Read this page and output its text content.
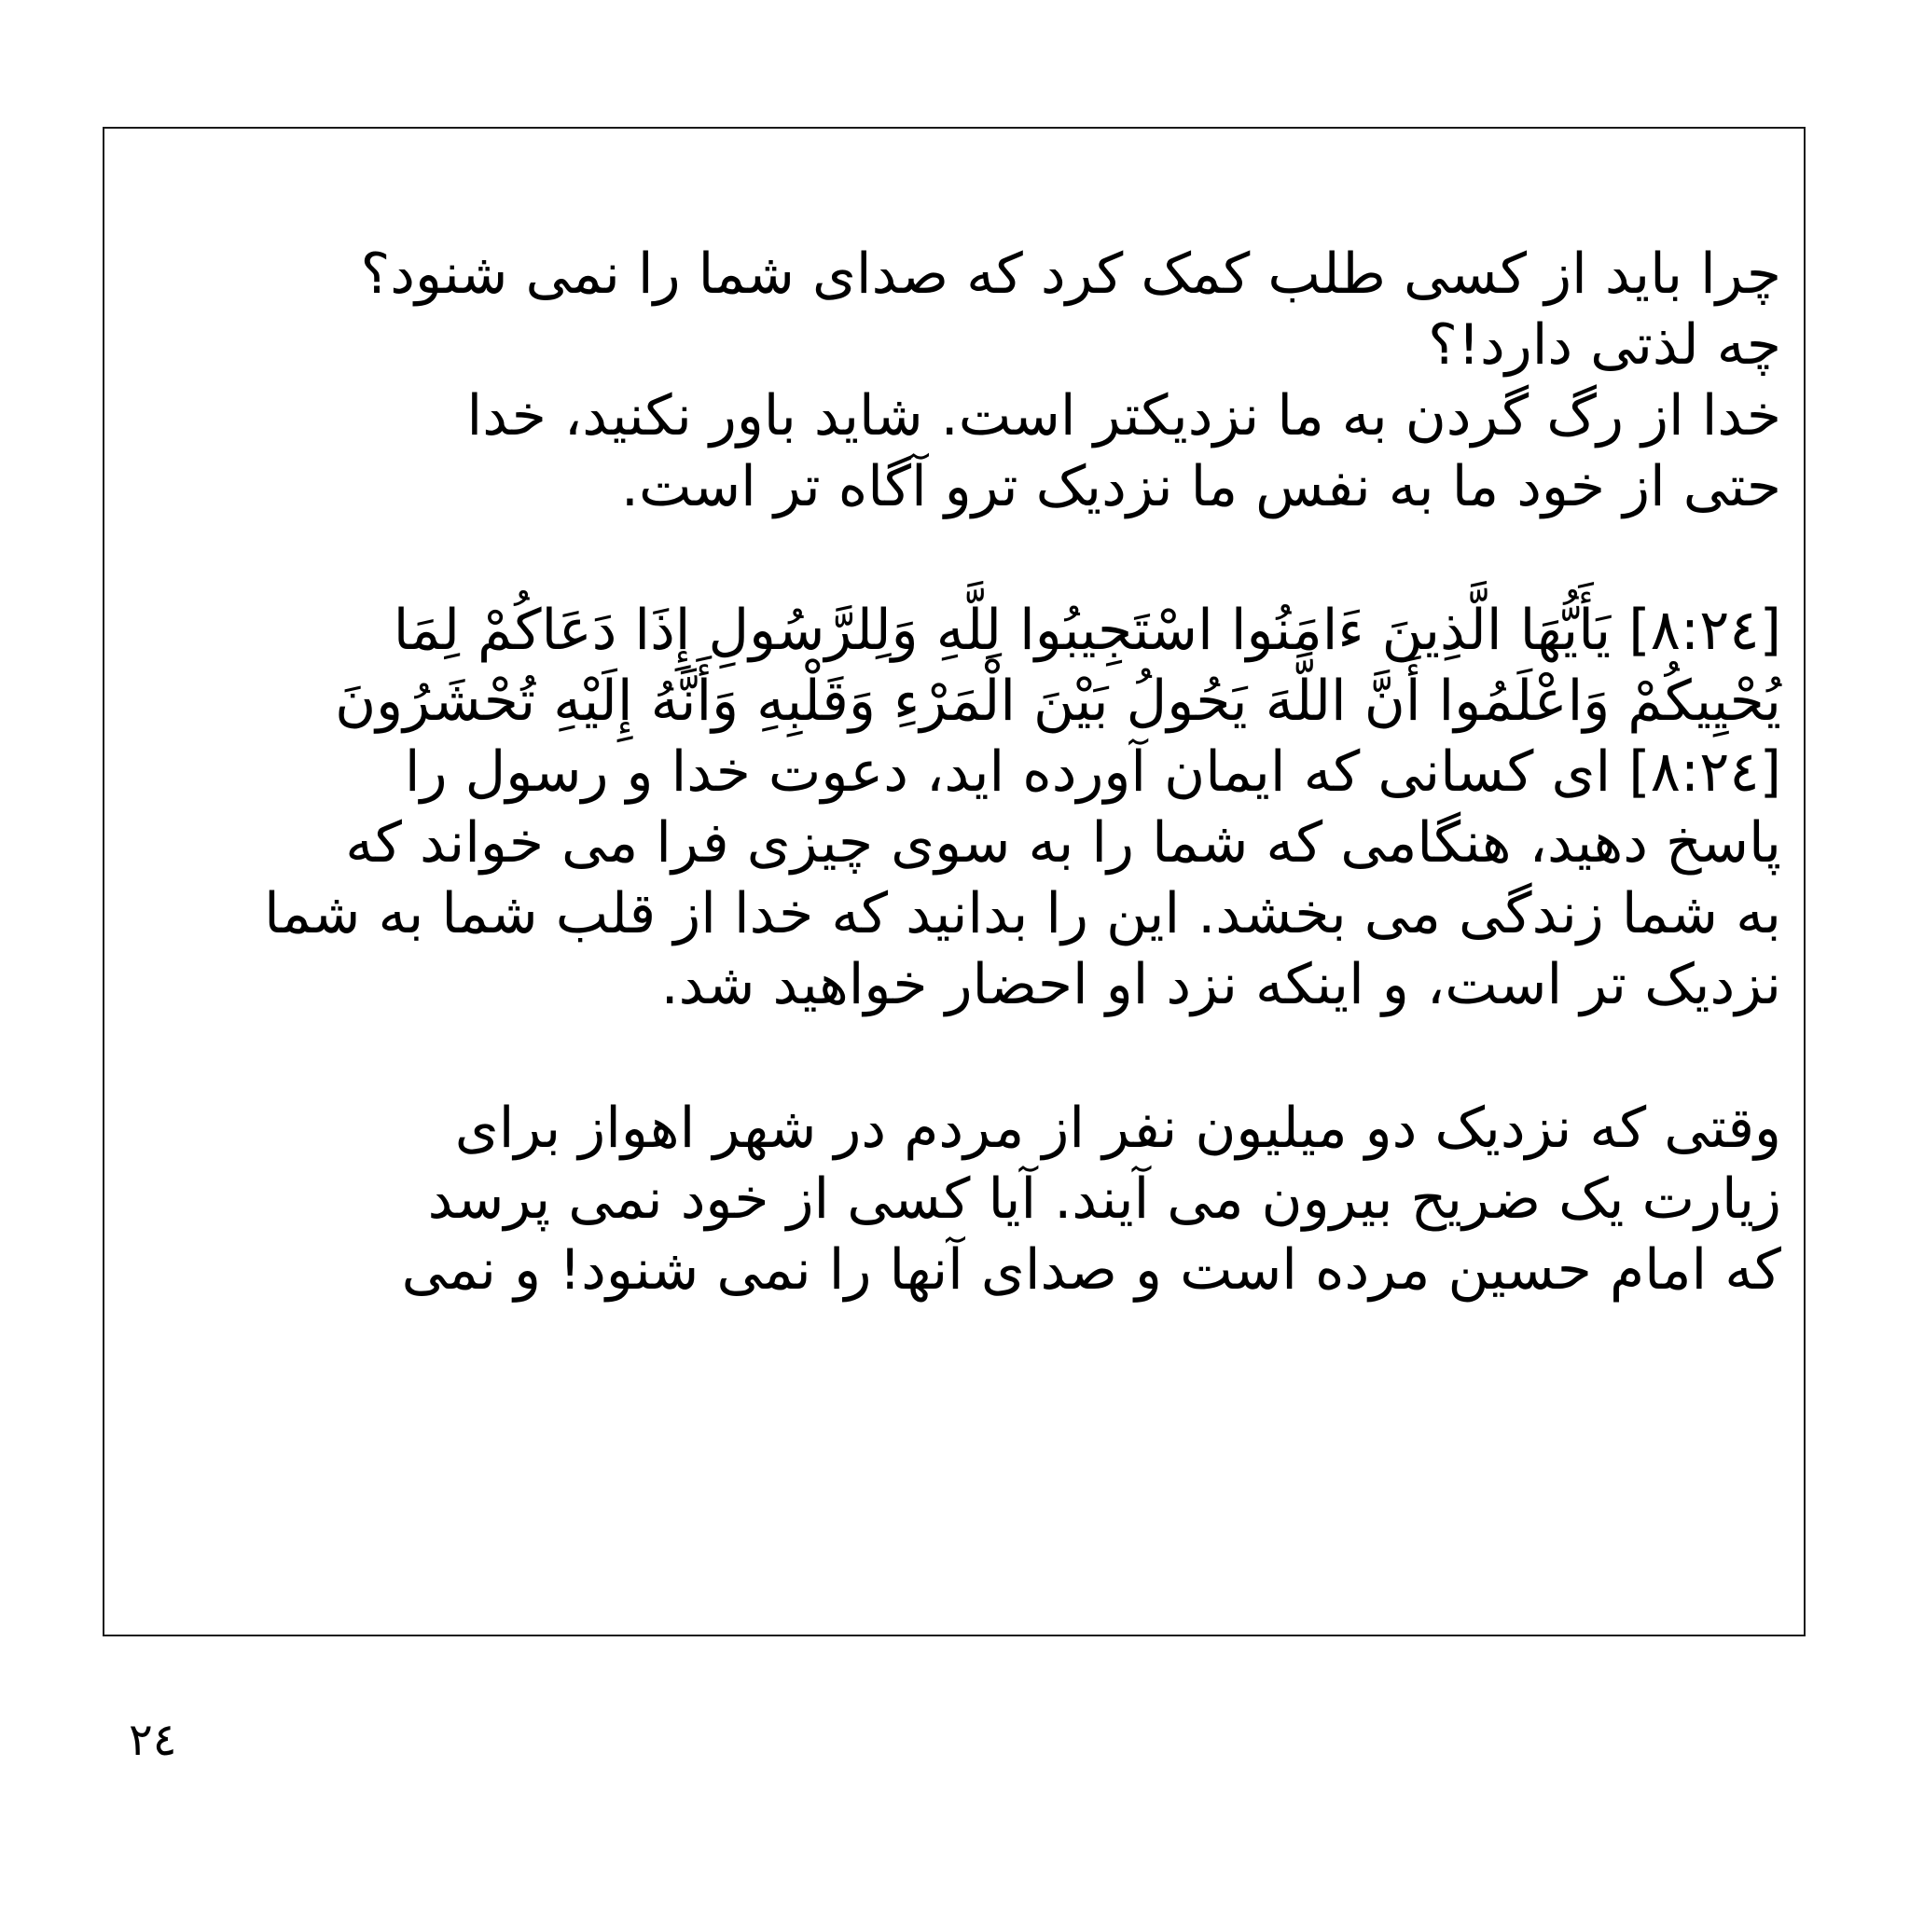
چرا باید از کسی طلب کمک کرد که صدای شما را نمی شنود؟
چه لذتی دارد!؟
خدا از رگ گردن به ما نزدیکتر است. شاید باور نکنید، خدا
حتی از خود ما به نفس ما نزدیک ترو آگاه تر است.
[٨:٢٤] يَأَيُّهَا الَّذِينَ ءَامَنُوا اسْتَجِيبُوا لِلَّهِ وَلِلرَّسُولِ إِذَا دَعَاكُمْ لِمَا
يُحْيِيكُمْ وَاعْلَمُوا أَنَّ اللَّهَ يَحُولُ بَيْنَ الْمَرْءِ وَقَلْبِهِ وَأَنَّهُ إِلَيْهِ تُحْشَرُونَ
[٨:٢٤] ای کسانی که ایمان آورده اید، دعوت خدا و رسول را
پاسخ دهید، هنگامی که شما را به سوی چیزی فرا می خواند که
به شما زندگی می بخشد. این را بدانید که خدا از قلب شما به شما
نزدیک تر است، و اینکه نزد او احضار خواهید شد.
وقتی که نزدیک دو میلیون نفر از مردم در شهر اهواز برای
زیارت یک ضریح بیرون می آیند. آیا کسی از خود نمی پرسد
که امام حسین مرده است و صدای آنها را نمی شنود! و نمی
٢٤
